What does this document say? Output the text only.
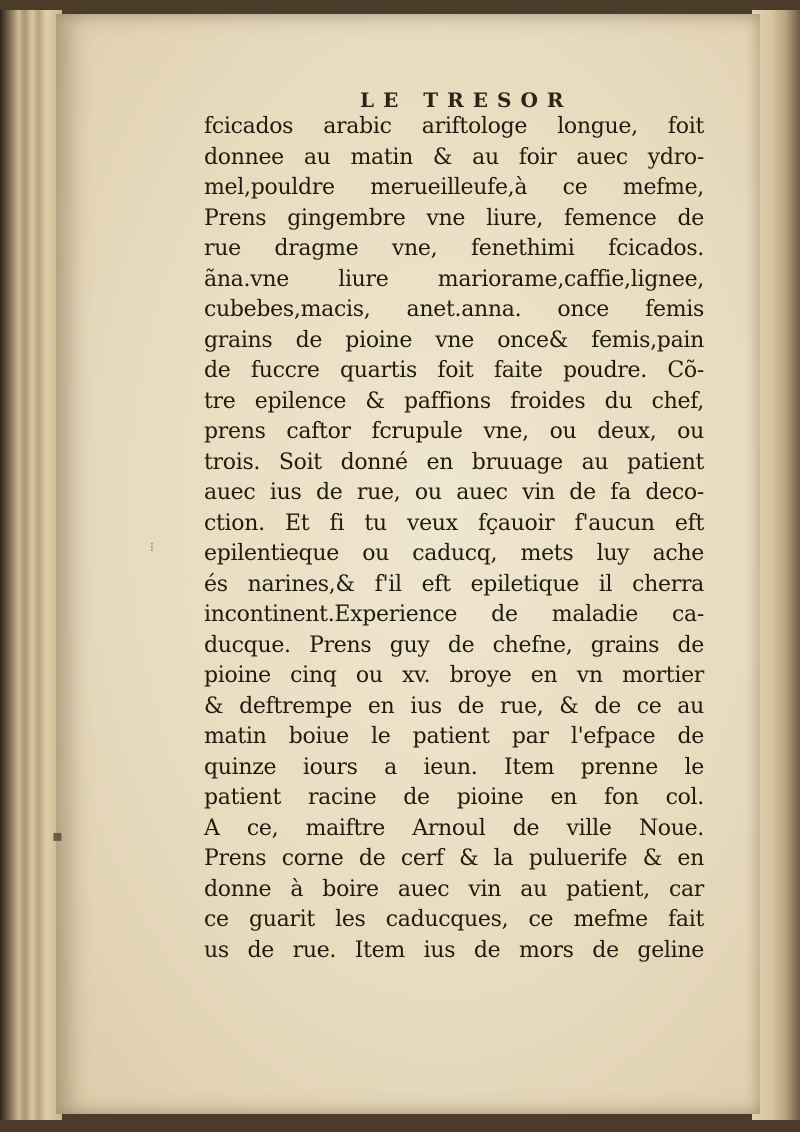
LE TRESOR
fcicados arabic ariftologe longue, foit
donnee au matin & au foir auec ydro-
mel,pouldre merueilleufe,à ce mefme,
Prens gingembre vne liure, femence de
rue dragme vne, fenethimi fcicados.
ãna.vne liure mariorame,caffie,lignee,
cubebes,macis, anet.anna. once femis
grains de pioine vne once& femis,pain
de fuccre quartis foit faite poudre. Cõ-
tre epilence & paffions froides du chef,
prens caftor fcrupule vne, ou deux, ou
trois. Soit donné en bruuage au patient
auec ius de rue, ou auec vin de fa deco-
ction. Et fi tu veux fçauoir f'aucun eft
epilentieque ou caducq, mets luy ache
és narines,& f'il eft epiletique il cherra
incontinent.Experience de maladie ca-
ducque. Prens guy de chefne, grains de
pioine cinq ou xv. broye en vn mortier
& deftrempe en ius de rue, & de ce au
matin boiue le patient par l'efpace de
quinze iours a ieun. Item prenne le
patient racine de pioine en fon col.
A ce, maiftre Arnoul de ville Noue.
Prens corne de cerf & la puluerife & en
donne à boire auec vin au patient, car
ce guarit les caducques, ce mefme fait
us de rue. Item ius de mors de geline
⁝
▪
